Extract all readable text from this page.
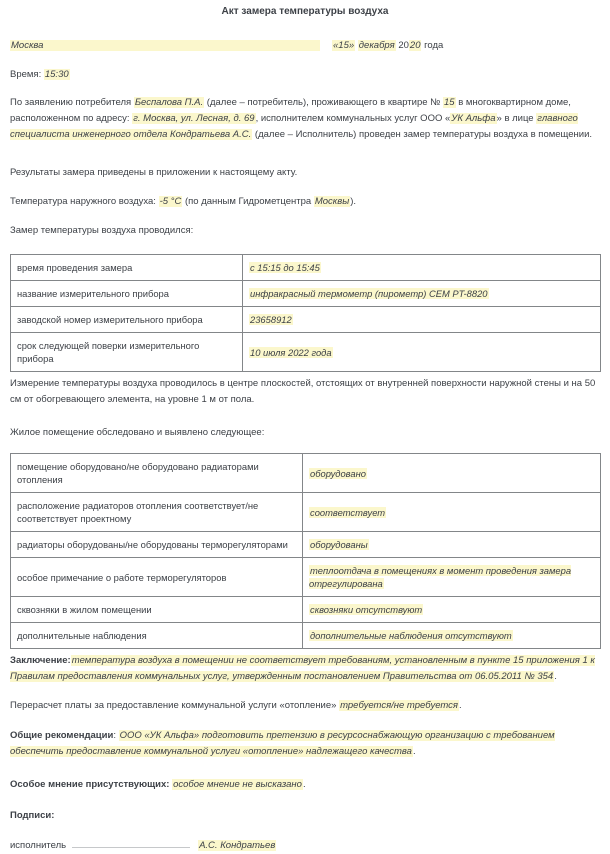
Акт замера температуры воздуха

Москва	«15» декабря 2020 года

Время: 15:30

По заявлению потребителя Беспалова П.А. (далее – потребитель), проживающего в квартире № 15 в многоквартирном доме, расположенном по адресу: г. Москва, ул. Лесная, д. 69, исполнителем коммунальных услуг ООО «УК Альфа» в лице главного специалиста инженерного отдела Кондратьева А.С. (далее – Исполнитель) проведен замер температуры воздуха в помещении.

Результаты замера приведены в приложении к настоящему акту.

Температура наружного воздуха: -5 °С (по данным Гидрометцентра Москвы).

Замер температуры воздуха проводился:

время проведения замера	с 15:15 до 15:45
название измерительного прибора	инфракрасный термометр (пирометр) CEM PT-8820
заводской номер измерительного прибора	23658912
срок следующей поверки измерительного прибора	10 июля 2022 года

Измерение температуры воздуха проводилось в центре плоскостей, отстоящих от внутренней поверхности наружной стены и на 50 см от обогревающего элемента, на уровне 1 м от пола.

Жилое помещение обследовано и выявлено следующее:

помещение оборудовано/не оборудовано радиаторами отопления	оборудовано
расположение радиаторов отопления соответствует/не соответствует проектному	соответствует
радиаторы оборудованы/не оборудованы терморегуляторами	оборудованы
особое примечание о работе терморегуляторов	теплоотдача в помещениях в момент проведения замера отрегулирована
сквозняки в жилом помещении	сквозняки отсутствуют
дополнительные наблюдения	дополнительные наблюдения отсутствуют

Заключение:температура воздуха в помещении не соответствует требованиям, установленным в пункте 15 приложения 1 к Правилам предоставления коммунальных услуг, утвержденным постановлением Правительства от 06.05.2011 № 354.

Перерасчет платы за предоставление коммунальной услуги «отопление» требуется/не требуется.

Общие рекомендации: ООО «УК Альфа» подготовить претензию в ресурсоснабжающую организацию с требованием обеспечить предоставление коммунальной услуги «отопление» надлежащего качества.

Особое мнение присутствующих: особое мнение не высказано.

Подписи:

исполнитель	А.С. Кондратьев
